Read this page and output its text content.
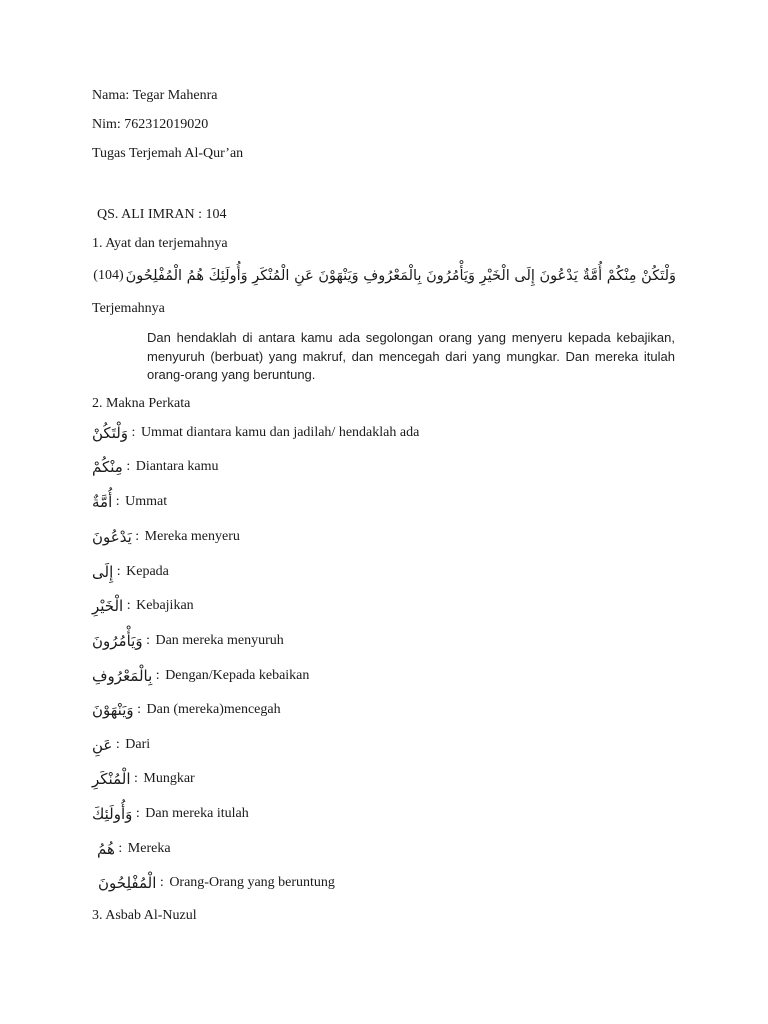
Nama: Tegar Mahenra
Nim: 762312019020
Tugas Terjemah Al-Qur’an
QS. ALI IMRAN : 104
1. Ayat dan terjemahnya
وَلْتَكُنْ مِنْكُمْ أُمَّةٌ يَدْعُونَ إِلَى الْخَيْرِ وَيَأْمُرُونَ بِالْمَعْرُوفِ وَيَنْهَوْنَ عَنِ الْمُنْكَرِ وَأُولَئِكَ هُمُ الْمُفْلِحُونَ
(104)
Terjemahnya
Dan hendaklah di antara kamu ada segolongan orang yang menyeru kepada kebajikan, menyuruh (berbuat) yang makruf, dan mencegah dari yang mungkar. Dan mereka itulah orang-orang yang beruntung.
2. Makna Perkata
وَلْتَكُنْ : Ummat diantara kamu dan jadilah/ hendaklah ada
مِنْكُمْ : Diantara kamu
أُمَّةٌ : Ummat
يَدْعُونَ : Mereka menyeru
إِلَى : Kepada
الْخَيْرِ : Kebajikan
وَيَأْمُرُونَ : Dan mereka menyuruh
بِالْمَعْرُوفِ : Dengan/Kepada kebaikan
وَيَنْهَوْنَ : Dan (mereka)mencegah
عَنِ : Dari
الْمُنْكَرِ : Mungkar
وَأُولَئِكَ : Dan mereka itulah
هُمُ : Mereka
الْمُفْلِحُونَ : Orang-Orang yang beruntung
3. Asbab Al-Nuzul
